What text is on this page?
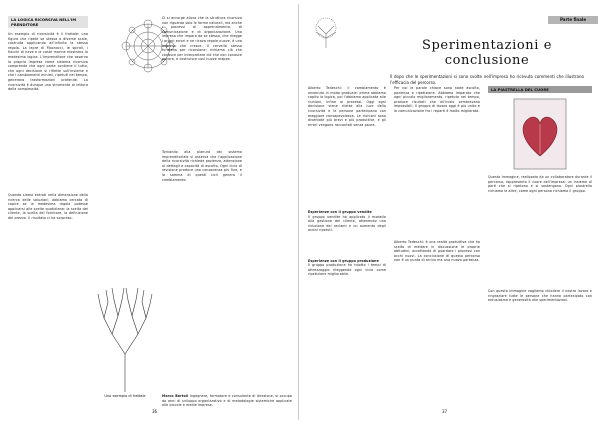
LA LOGICA RICORSIVA NELL'IM PRENDITORE
Un esempio di ricorsività è il frattale: una figura che ripete se stessa a diverse scale, costruita applicando all'infinito la stessa regola. La lepre di Fibonacci, le spirali, i fiocchi di neve e le coste marine mostrano la medesima logica. L'imprenditore che osserva la propria impresa come sistema ricorsivo comprende che ogni parte contiene il tutto, che ogni decisione si riflette sull'insieme e che i cambiamenti minimi, ripetuti nel tempo, generano trasformazioni profonde. La ricorsività è dunque uno strumento di lettura della complessità.
Quando siamo entrati nella dimensione della ricerca delle soluzioni, abbiamo cercato di capire se la medesima regola potesse applicarsi alle scelte quotidiane: la scelta del cliente, la scelta del fornitore, la definizione del prezzo. Il risultato ci ha sorpreso.
Ci si accorge allora che la struttura ricorsiva non riguarda solo le forme naturali, ma anche i processi di apprendimento, di comunicazione e di organizzazione. Una impresa che impara da se stessa, che rilegge i propri errori e ne ricava regole nuove, è una impresa che cresce. Il cervello stesso funziona per ricorsione: richiama ciò che conosce per interpretare ciò che non conosce ancora, e costruisce così nuove mappe.
Tornando alla pianura del sistema imprenditoriale si osserva che l'applicazione della ricorsività richiede pazienza, attenzione ai dettagli e capacità di ascolto. Ogni ciclo di revisione produce una conoscenza più fine, e la somma di questi cicli genera il cambiamento.
Uno esempio di frattale	Marco Bortoli Ingegnere, formatore e consulente di direzione, si occupa da anni di sviluppo organizzativo e di metodologie sistemiche applicate alle piccole e medie imprese.
36
Parte finale
Sperimentazioni e conclusione
Il dopo che le sperimentazioni si sono svolte nell'impresa ho ricevuto commenti che illustrano l'efficacia del percorso.
Alberto Tedeschi: il cambiamento è avvenuto in modo graduale: prima abbiamo capito la logica, poi l'abbiamo applicata alle riunioni, infine ai processi. Oggi ogni decisione viene riletta alla luce della ricorsività e le persone partecipano con maggiore consapevolezza. Le riunioni sono diventate più brevi e più produttive, e gli errori vengono raccontati senza paura.
Esperienze con il gruppo vendite
Il gruppo vendite ha applicato il modello alla gestione del cliente, ottenendo una riduzione dei reclami e un aumento degli ordini ripetuti.
Esperienze con il gruppo produzione
Il gruppo produzione ha ridotto i tempi di attrezzaggio rileggendo ogni ciclo come ripetizione migliorabile.
Per noi le parole chiave sono state ascolto, pazienza e ripetizione. Abbiamo imparato che ogni piccolo miglioramento, ripetuto nel tempo, produce risultati che all'inizio sembravano impossibili. Il gruppo di lavoro oggi è più unito e la comunicazione fra i reparti è molto migliorata.
Alberto Tedeschi: è una realtà produttiva che ha scelto di mettere in discussione le proprie abitudini, accettando di guardare i processi con occhi nuovi. La conclusione di questo percorso non è un punto di arrivo ma una nuova partenza.
LA PIASTRELLA DEL CUORE
Questa immagine, realizzata da un collaboratore durante il percorso, rappresenta il cuore dell'impresa: un insieme di parti che si ripetono e si sostengono. Ogni piastrella richiama le altre, come ogni persona richiama il gruppo.
Con questa immagine vogliamo chiudere il nostro lavoro e ringraziare tutte le persone che hanno partecipato con entusiasmo e generosità alle sperimentazioni.
37
